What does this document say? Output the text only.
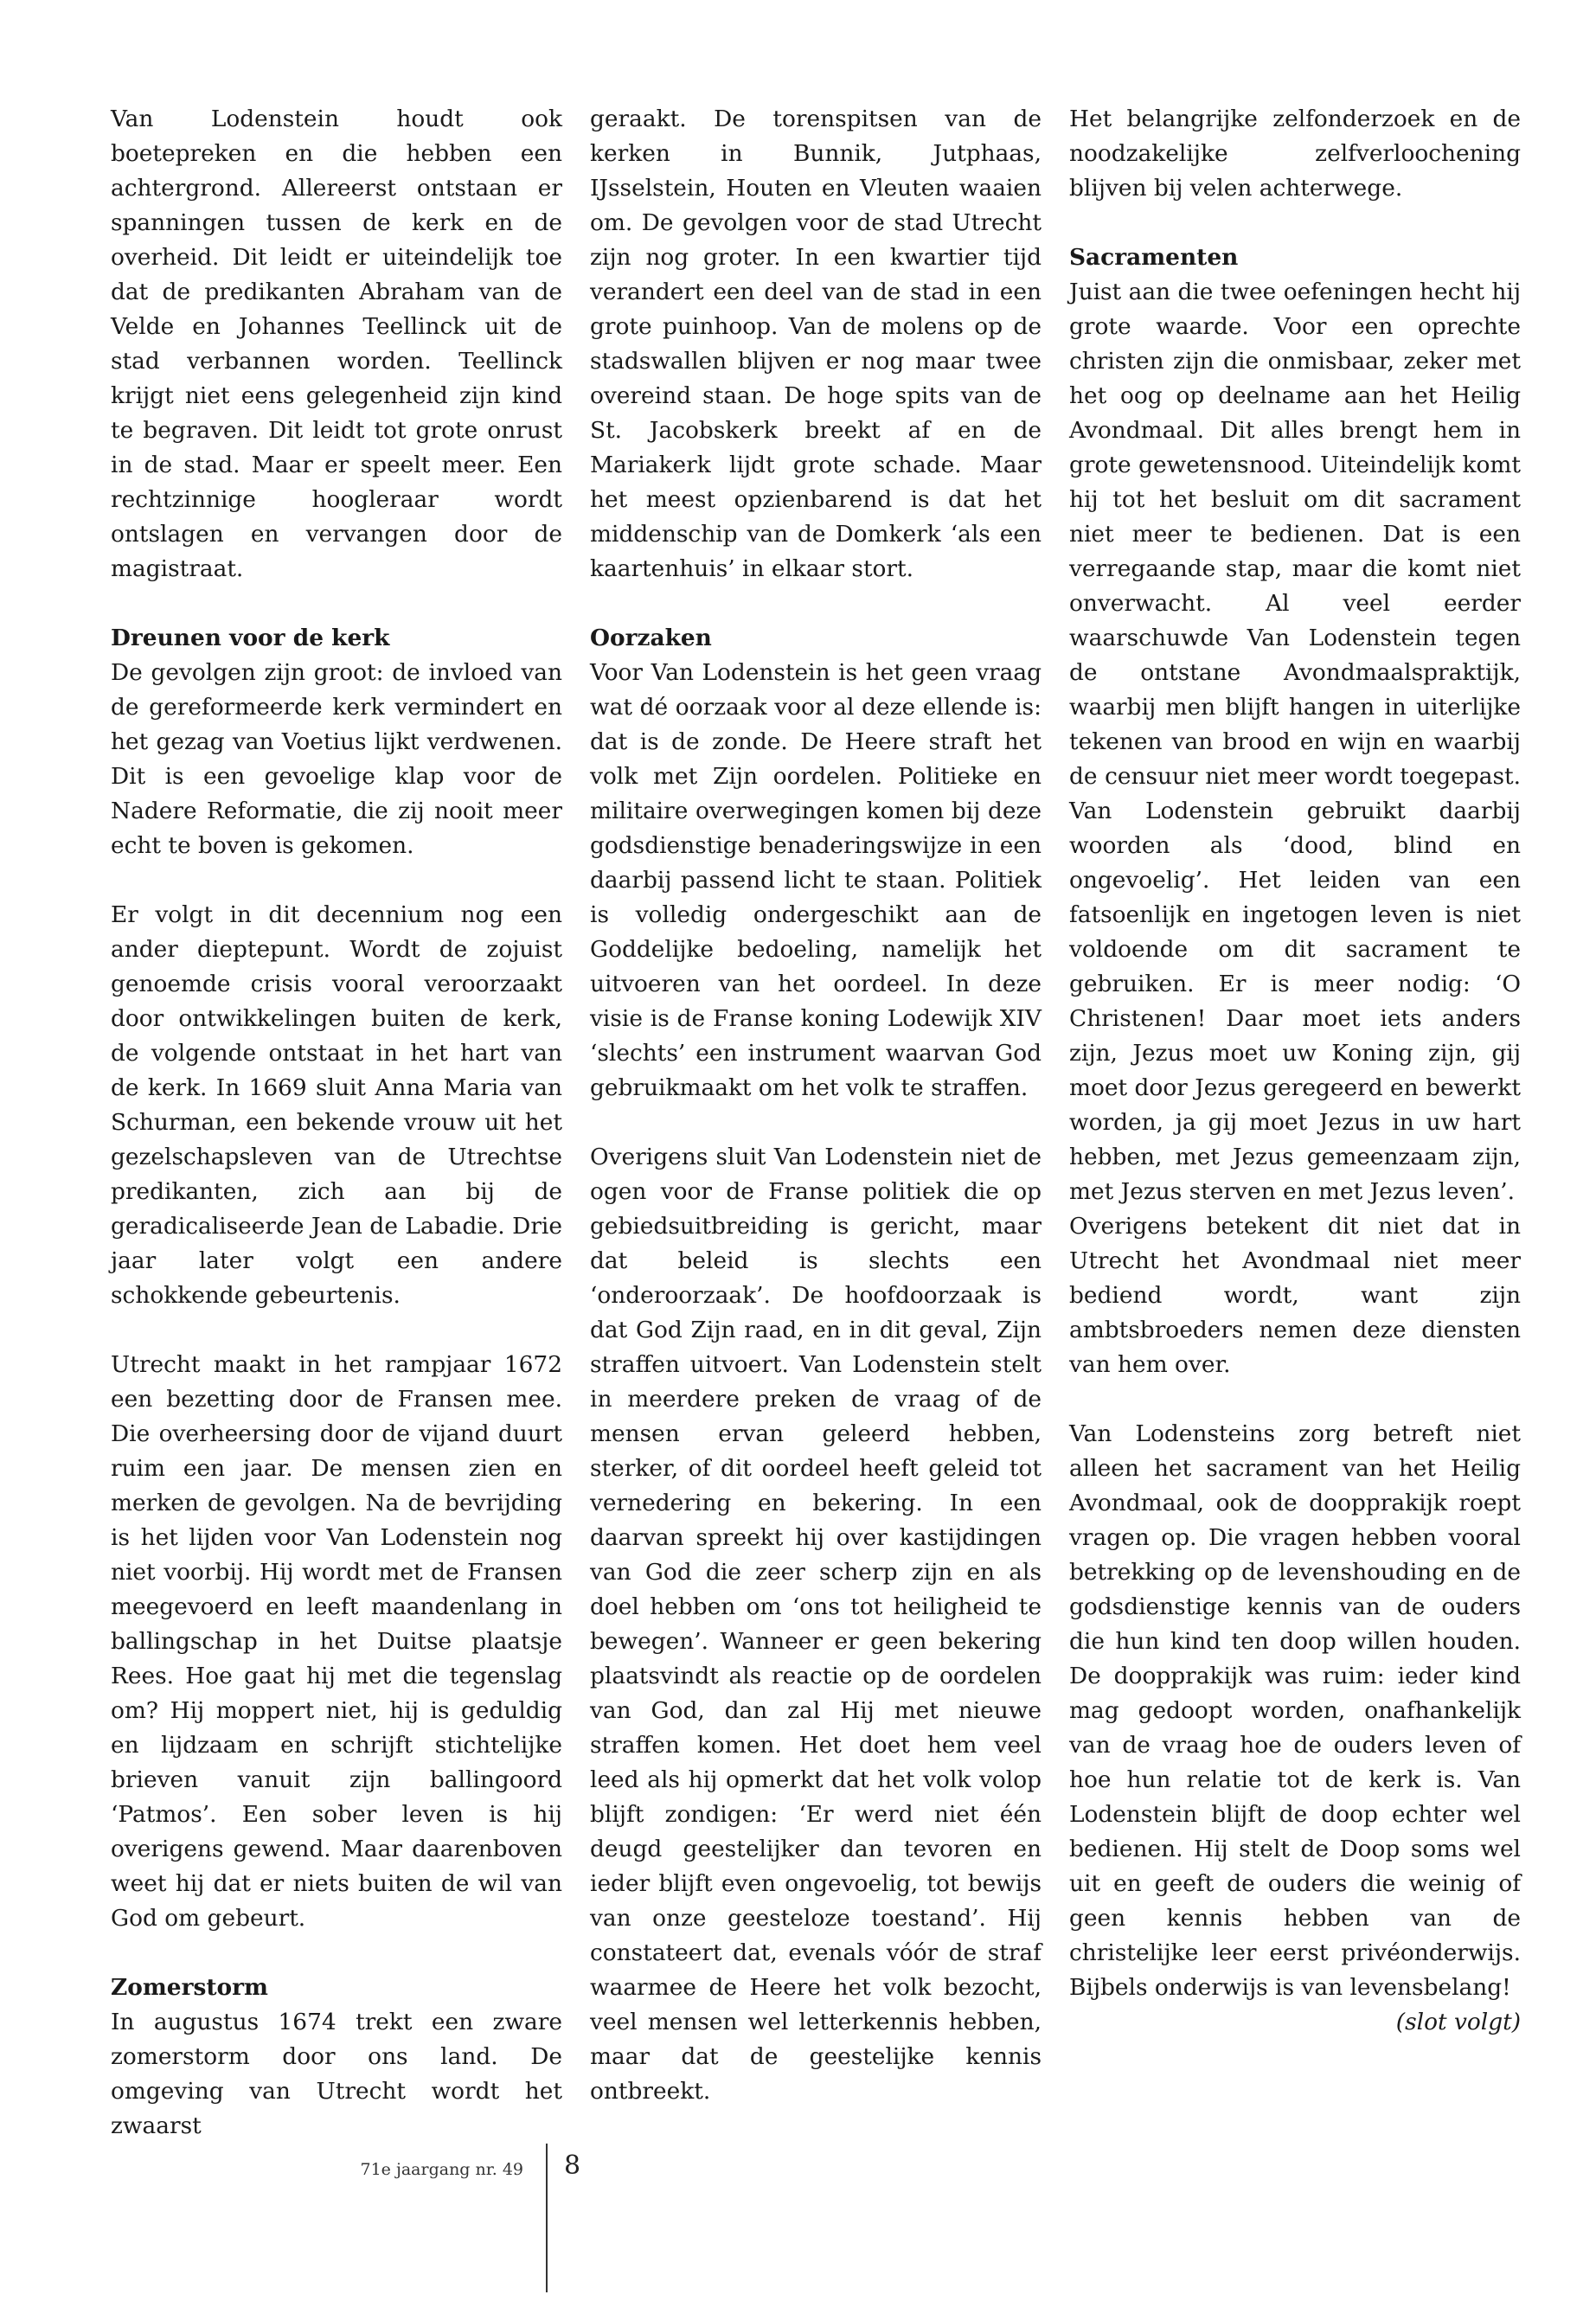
Van Lodenstein houdt ook boetepreken en die hebben een achtergrond. Allereerst ontstaan er spanningen tussen de kerk en de overheid. Dit leidt er uiteindelijk toe dat de predikanten Abraham van de Velde en Johannes Teellinck uit de stad verbannen worden. Teellinck krijgt niet eens gelegenheid zijn kind te begraven. Dit leidt tot grote onrust in de stad. Maar er speelt meer. Een rechtzinnige hoogleraar wordt ontslagen en vervangen door de magistraat.

Dreunen voor de kerk

De gevolgen zijn groot: de invloed van de gereformeerde kerk vermindert en het gezag van Voetius lijkt verdwenen. Dit is een gevoelige klap voor de Nadere Reformatie, die zij nooit meer echt te boven is gekomen.

Er volgt in dit decennium nog een ander dieptepunt. Wordt de zojuist genoemde crisis vooral veroorzaakt door ontwikkelingen buiten de kerk, de volgende ontstaat in het hart van de kerk. In 1669 sluit Anna Maria van Schurman, een bekende vrouw uit het gezelschapsleven van de Utrechtse predikanten, zich aan bij de geradicaliseerde Jean de Labadie. Drie jaar later volgt een andere schokkende gebeurtenis.

Utrecht maakt in het rampjaar 1672 een bezetting door de Fransen mee. Die overheersing door de vijand duurt ruim een jaar. De mensen zien en merken de gevolgen. Na de bevrijding is het lijden voor Van Lodenstein nog niet voorbij. Hij wordt met de Fransen meegevoerd en leeft maandenlang in ballingschap in het Duitse plaatsje Rees. Hoe gaat hij met die tegenslag om? Hij moppert niet, hij is geduldig en lijdzaam en schrijft stichtelijke brieven vanuit zijn ballingoord ‘Patmos’. Een sober leven is hij overigens gewend. Maar daarenboven weet hij dat er niets buiten de wil van God om gebeurt.

Zomerstorm

In augustus 1674 trekt een zware zomerstorm door ons land. De omgeving van Utrecht wordt het zwaarst

geraakt. De torenspitsen van de kerken in Bunnik, Jutphaas, IJsselstein, Houten en Vleuten waaien om. De gevolgen voor de stad Utrecht zijn nog groter. In een kwartier tijd verandert een deel van de stad in een grote puinhoop. Van de molens op de stadswallen blijven er nog maar twee overeind staan. De hoge spits van de St. Jacobskerk breekt af en de Mariakerk lijdt grote schade. Maar het meest opzienbarend is dat het middenschip van de Domkerk ‘als een kaartenhuis’ in elkaar stort.

Oorzaken

Voor Van Lodenstein is het geen vraag wat dé oorzaak voor al deze ellende is: dat is de zonde. De Heere straft het volk met Zijn oordelen. Politieke en militaire overwegingen komen bij deze godsdienstige benaderingswijze in een daarbij passend licht te staan. Politiek is volledig ondergeschikt aan de Goddelijke bedoeling, namelijk het uitvoeren van het oordeel. In deze visie is de Franse koning Lodewijk XIV ‘slechts’ een instrument waarvan God gebruikmaakt om het volk te straffen.

Overigens sluit Van Lodenstein niet de ogen voor de Franse politiek die op gebiedsuitbreiding is gericht, maar dat beleid is slechts een ‘onderoorzaak’. De hoofdoorzaak is dat God Zijn raad, en in dit geval, Zijn straffen uitvoert. Van Lodenstein stelt in meerdere preken de vraag of de mensen ervan geleerd hebben, sterker, of dit oordeel heeft geleid tot vernedering en bekering. In een daarvan spreekt hij over kastijdingen van God die zeer scherp zijn en als doel hebben om ‘ons tot heiligheid te bewegen’. Wanneer er geen bekering plaatsvindt als reactie op de oordelen van God, dan zal Hij met nieuwe straffen komen. Het doet hem veel leed als hij opmerkt dat het volk volop blijft zondigen: ‘Er werd niet één deugd geestelijker dan tevoren en ieder blijft even ongevoelig, tot bewijs van onze geesteloze toestand’. Hij constateert dat, evenals vóór de straf waarmee de Heere het volk bezocht, veel mensen wel letterkennis hebben, maar dat de geestelijke kennis ontbreekt.

Het belangrijke zelfonderzoek en de noodzakelijke zelfverloochening blijven bij velen achterwege.

Sacramenten

Juist aan die twee oefeningen hecht hij grote waarde. Voor een oprechte christen zijn die onmisbaar, zeker met het oog op deelname aan het Heilig Avondmaal. Dit alles brengt hem in grote gewetensnood. Uiteindelijk komt hij tot het besluit om dit sacrament niet meer te bedienen. Dat is een verregaande stap, maar die komt niet onverwacht. Al veel eerder waarschuwde Van Lodenstein tegen de ontstane Avondmaalspraktijk, waarbij men blijft hangen in uiterlijke tekenen van brood en wijn en waarbij de censuur niet meer wordt toegepast. Van Lodenstein gebruikt daarbij woorden als ‘dood, blind en ongevoelig’. Het leiden van een fatsoenlijk en ingetogen leven is niet voldoende om dit sacrament te gebruiken. Er is meer nodig: ‘O Christenen! Daar moet iets anders zijn, Jezus moet uw Koning zijn, gij moet door Jezus geregeerd en bewerkt worden, ja gij moet Jezus in uw hart hebben, met Jezus gemeenzaam zijn, met Jezus sterven en met Jezus leven’.

Overigens betekent dit niet dat in Utrecht het Avondmaal niet meer bediend wordt, want zijn ambtsbroeders nemen deze diensten van hem over.

Van Lodensteins zorg betreft niet alleen het sacrament van het Heilig Avondmaal, ook de doopprakijk roept vragen op. Die vragen hebben vooral betrekking op de levenshouding en de godsdienstige kennis van de ouders die hun kind ten doop willen houden. De doopprakijk was ruim: ieder kind mag gedoopt worden, onafhankelijk van de vraag hoe de ouders leven of hoe hun relatie tot de kerk is. Van Lodenstein blijft de doop echter wel bedienen. Hij stelt de Doop soms wel uit en geeft de ouders die weinig of geen kennis hebben van de christelijke leer eerst privéonderwijs. Bijbels onderwijs is van levensbelang!

(slot volgt)

71e jaargang nr. 49 8
